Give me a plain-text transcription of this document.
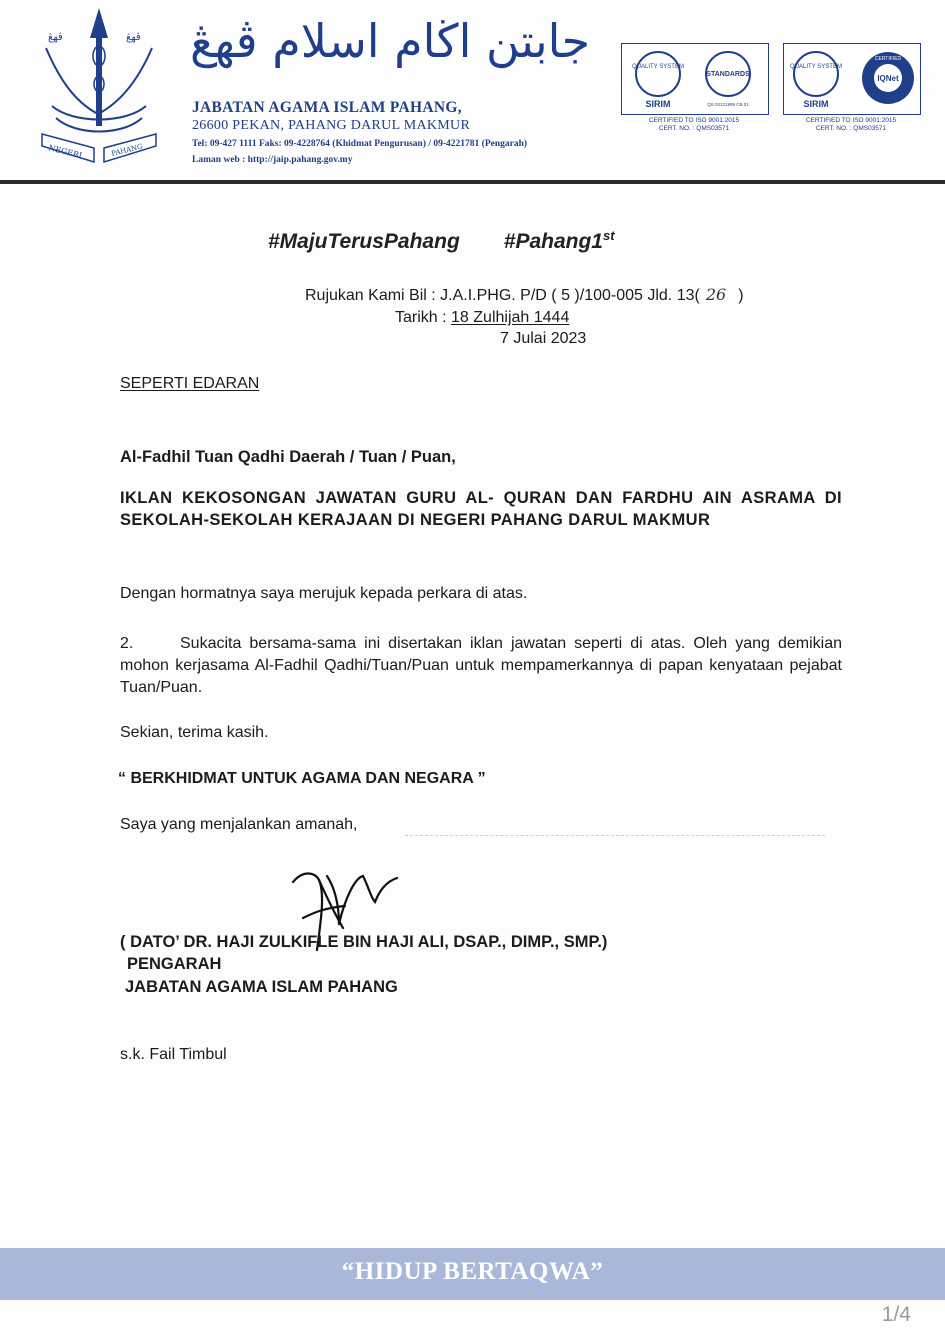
ڤهڠ	ڤهڠ
NEGERI	PAHANG
جابتن اڬام اسلام ڤهڠ
JABATAN AGAMA ISLAM PAHANG,
26600 PEKAN, PAHANG DARUL MAKMUR
Tel: 09-427 1111 Faks: 09-4228764 (Khidmat Pengurusan) / 09-4221781 (Pengarah)
Laman web : http://jaip.pahang.gov.my
QUALITY SYSTEM
STANDARDS
QS 02121999 CB 01
SIRIM
CERTIFIED TO ISO 9001:2015
CERT. NO. : QMS03571
QUALITY SYSTEM
IQNet
CERTIFIED
SIRIM
CERTIFIED TO ISO 9001:2015
CERT. NO. : QMS03571
#MajuTerusPahang #Pahang1st
Rujukan Kami Bil : J.A.I.PHG. P/D ( 5 )/100-005 Jld. 13( 26 )
Tarikh : 18 Zulhijah 1444
7 Julai 2023
SEPERTI EDARAN
Al-Fadhil Tuan Qadhi Daerah / Tuan / Puan,
IKLAN KEKOSONGAN JAWATAN GURU AL- QURAN DAN FARDHU AIN ASRAMA DI SEKOLAH-SEKOLAH KERAJAAN DI NEGERI PAHANG DARUL MAKMUR
Dengan hormatnya saya merujuk kepada perkara di atas.
2.	Sukacita bersama-sama ini disertakan iklan jawatan seperti di atas. Oleh yang demikian mohon kerjasama Al-Fadhil Qadhi/Tuan/Puan untuk mempamerkannya di papan kenyataan pejabat Tuan/Puan.
Sekian, terima kasih.
“ BERKHIDMAT UNTUK AGAMA DAN NEGARA ”
Saya yang menjalankan amanah,
( DATO’ DR. HAJI ZULKIFLE BIN HAJI ALI, DSAP., DIMP., SMP.)
PENGARAH
JABATAN AGAMA ISLAM PAHANG
s.k. Fail Timbul
“HIDUP BERTAQWA”
1/4
